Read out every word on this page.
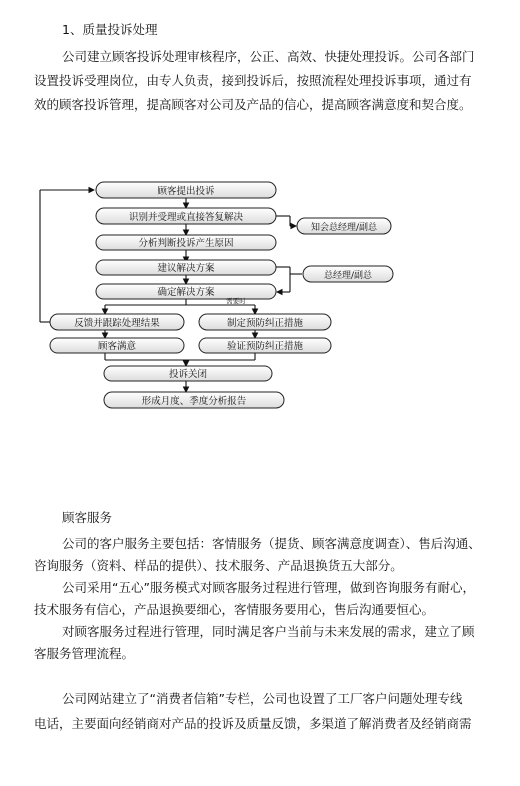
1、质量投诉处理

公司建立顾客投诉处理审核程序，公正、高效、快捷处理投诉。公司各部门

设置投诉受理岗位，由专人负责，接到投诉后，按照流程处理投诉事项，通过有

效的顾客投诉管理，提高顾客对公司及产品的信心，提高顾客满意度和契合度。

顾客提出投诉
识别并受理或直接答复解决
分析判断投诉产生原因
建议解决方案
确定解决方案
反馈并跟踪处理结果	制定预防纠正措施
顾客满意	验证预防纠正措施
投诉关闭
形成月度、季度分析报告
知会总经理/副总
总经理/副总
需要时

顾客服务

公司的客户服务主要包括：客情服务（提货、顾客满意度调查）、售后沟通、

咨询服务（资料、样品的提供）、技术服务、产品退换货五大部分。

公司采用“五心”服务模式对顾客服务过程进行管理，做到咨询服务有耐心，

技术服务有信心，产品退换要细心，客情服务要用心，售后沟通要恒心。

对顾客服务过程进行管理，同时满足客户当前与未来发展的需求，建立了顾

客服务管理流程。

公司网站建立了“消费者信箱”专栏，公司也设置了工厂客户问题处理专线

电话，主要面向经销商对产品的投诉及质量反馈，多渠道了解消费者及经销商需
